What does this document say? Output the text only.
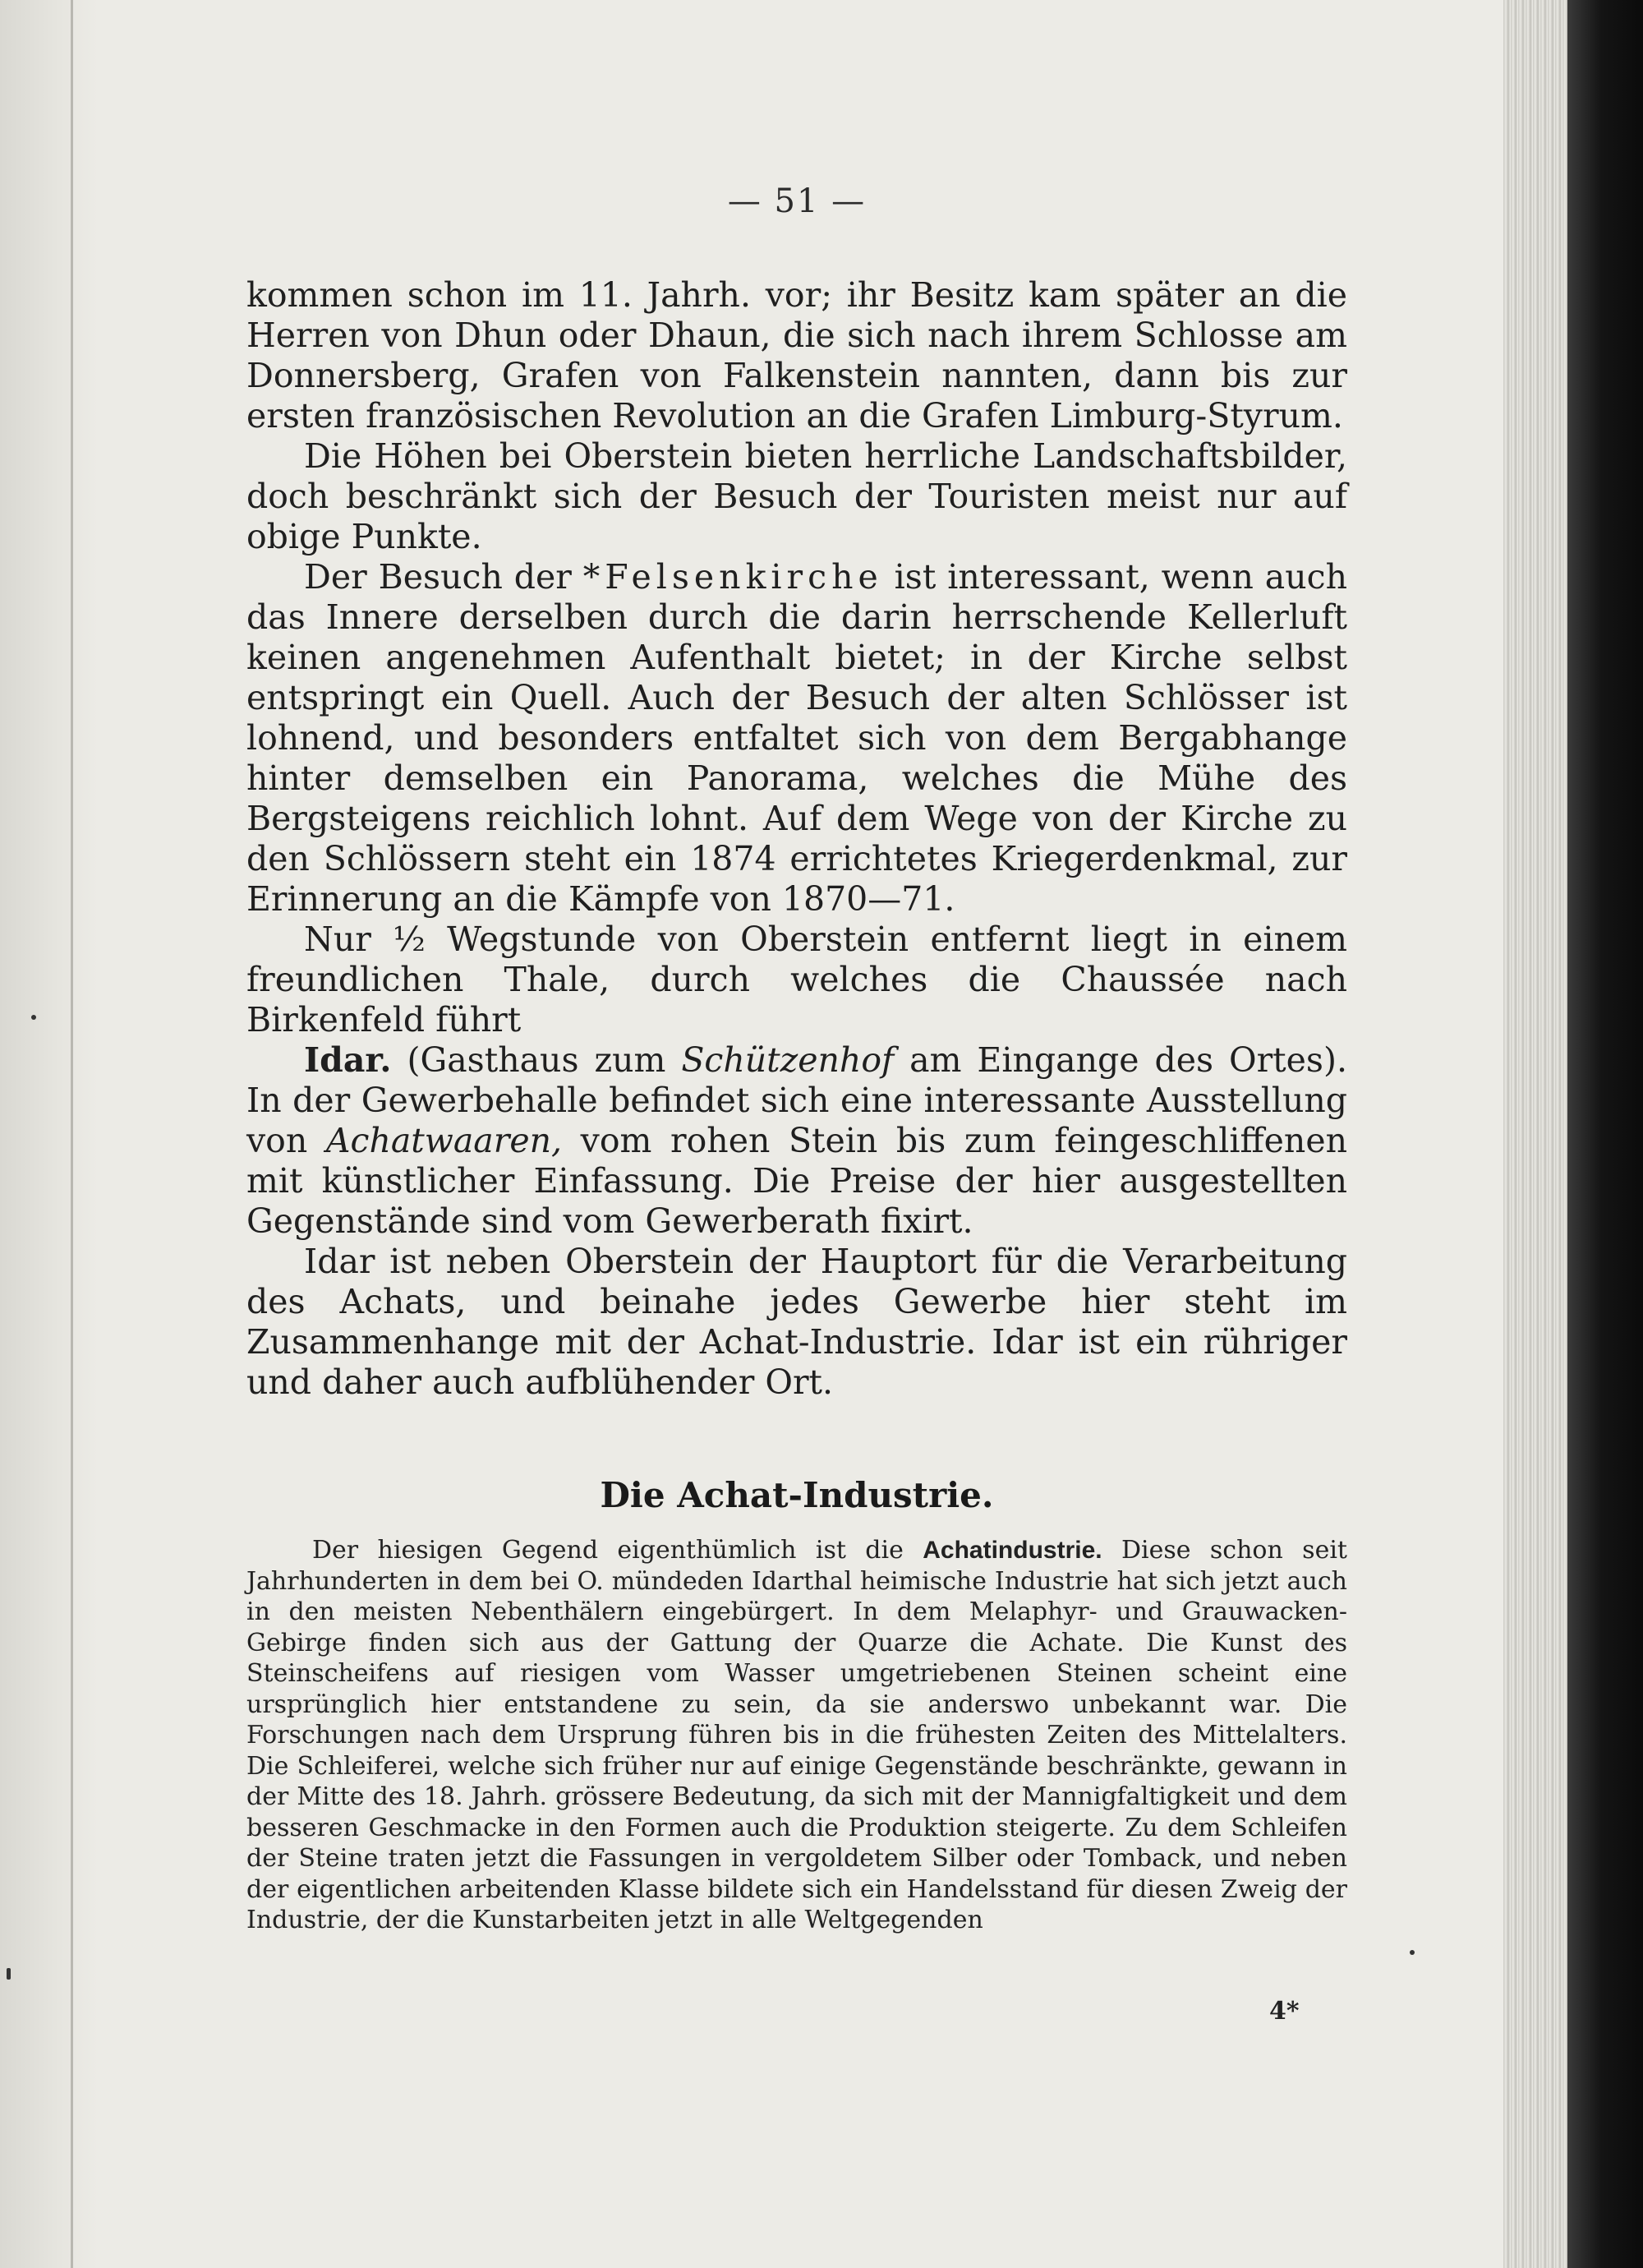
— 51 —

kommen schon im 11. Jahrh. vor; ihr Besitz kam später an die Herren von Dhun oder Dhaun, die sich nach ihrem Schlosse am Donnersberg, Grafen von Falkenstein nannten, dann bis zur ersten französischen Revolution an die Grafen Limburg-Styrum.

Die Höhen bei Oberstein bieten herrliche Landschaftsbilder, doch beschränkt sich der Besuch der Touristen meist nur auf obige Punkte.

Der Besuch der *Felsenkirche ist interessant, wenn auch das Innere derselben durch die darin herrschende Kellerluft keinen angenehmen Aufenthalt bietet; in der Kirche selbst entspringt ein Quell. Auch der Besuch der alten Schlösser ist lohnend, und besonders entfaltet sich von dem Bergabhange hinter demselben ein Panorama, welches die Mühe des Bergsteigens reichlich lohnt. Auf dem Wege von der Kirche zu den Schlössern steht ein 1874 errichtetes Kriegerdenkmal, zur Erinnerung an die Kämpfe von 1870—71.

Nur ½ Wegstunde von Oberstein entfernt liegt in einem freundlichen Thale, durch welches die Chaussée nach Birkenfeld führt

Idar. (Gasthaus zum Schützenhof am Eingange des Ortes). In der Gewerbehalle befindet sich eine interessante Ausstellung von Achatwaaren, vom rohen Stein bis zum feingeschliffenen mit künstlicher Einfassung. Die Preise der hier ausgestellten Gegenstände sind vom Gewerberath fixirt.

Idar ist neben Oberstein der Hauptort für die Verarbeitung des Achats, und beinahe jedes Gewerbe hier steht im Zusammenhange mit der Achat-Industrie. Idar ist ein rühriger und daher auch aufblühender Ort.

Die Achat-Industrie.

Der hiesigen Gegend eigenthümlich ist die Achatindustrie. Diese schon seit Jahrhunderten in dem bei O. mündeden Idarthal heimische Industrie hat sich jetzt auch in den meisten Nebenthälern eingebürgert. In dem Melaphyr- und Grauwacken-Gebirge finden sich aus der Gattung der Quarze die Achate. Die Kunst des Steinscheifens auf riesigen vom Wasser umgetriebenen Steinen scheint eine ursprünglich hier entstandene zu sein, da sie anderswo unbekannt war. Die Forschungen nach dem Ursprung führen bis in die frühesten Zeiten des Mittelalters. Die Schleiferei, welche sich früher nur auf einige Gegenstände beschränkte, gewann in der Mitte des 18. Jahrh. grössere Bedeutung, da sich mit der Mannigfaltigkeit und dem besseren Geschmacke in den Formen auch die Produktion steigerte. Zu dem Schleifen der Steine traten jetzt die Fassungen in vergoldetem Silber oder Tomback, und neben der eigentlichen arbeitenden Klasse bildete sich ein Handelsstand für diesen Zweig der Industrie, der die Kunstarbeiten jetzt in alle Weltgegenden

4*
